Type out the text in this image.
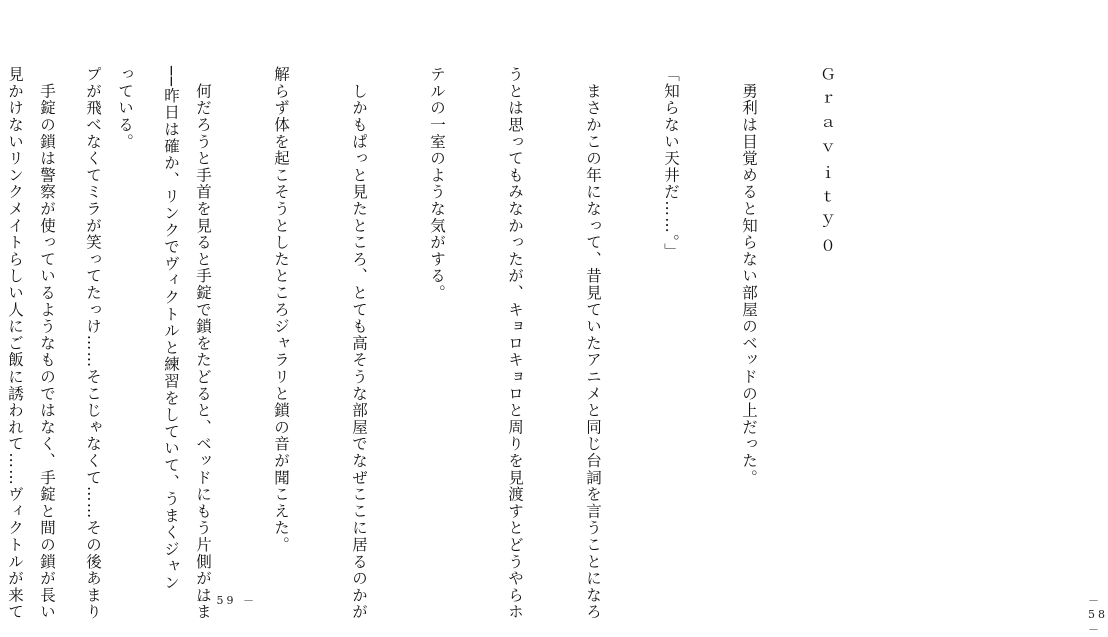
Ｇｒａｖｉｔｙ０

　勇利は目覚めると知らない部屋のベッドの上だった。

「知らない天井だ……。」

　まさかこの年になって、昔見ていたアニメと同じ台詞を言うことになろ

うとは思ってもみなかったが、キョロキョロと周りを見渡すとどうやらホ

テルの一室のような気がする。

　しかもぱっと見たところ、とても高そうな部屋でなぜここに居るのかが

解らず体を起こそうとしたところジャラリと鎖の音が聞こえた。

　何だろうと手首を見ると手錠で鎖をたどると、ベッドにもう片側がはま

っている。

　手錠の鎖は警察が使っているようなものではなく、手錠と間の鎖が長い

	－ 58 －

──昨日は確か、リンクでヴィクトルと練習をしていて、うまくジャン

プが飛べなくてミラが笑ってたっけ……そこじゃなくて……その後あまり

見かけないリンクメイトらしい人にご飯に誘われて……ヴィクトルが来て

	－ 59 －
